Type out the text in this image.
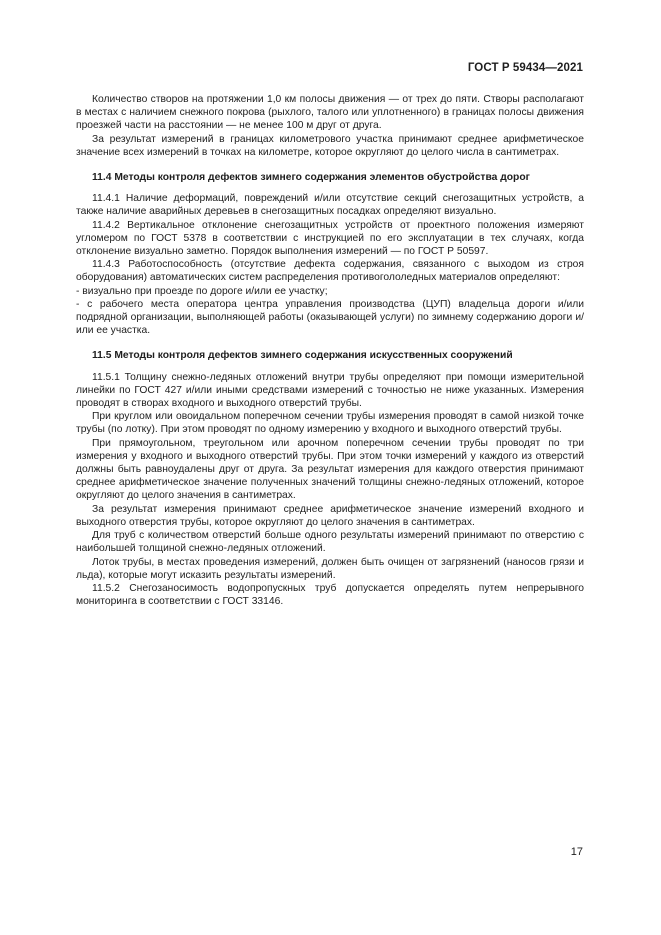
ГОСТ Р 59434—2021

Количество створов на протяжении 1,0 км полосы движения — от трех до пяти. Створы располагают в местах с наличием снежного покрова (рыхлого, талого или уплотненного) в границах полосы движения проезжей части на расстоянии — не менее 100 м друг от друга.

За результат измерений в границах километрового участка принимают среднее арифметическое значение всех измерений в точках на километре, которое округляют до целого числа в сантиметрах.

11.4 Методы контроля дефектов зимнего содержания элементов обустройства дорог

11.4.1 Наличие деформаций, повреждений и/или отсутствие секций снегозащитных устройств, а также наличие аварийных деревьев в снегозащитных посадках определяют визуально.

11.4.2 Вертикальное отклонение снегозащитных устройств от проектного положения измеряют угломером по ГОСТ 5378 в соответствии с инструкцией по его эксплуатации в тех случаях, когда отклонение визуально заметно. Порядок выполнения измерений — по ГОСТ Р 50597.

11.4.3 Работоспособность (отсутствие дефекта содержания, связанного с выходом из строя оборудования) автоматических систем распределения противогололедных материалов определяют:

- визуально при проезде по дороге и/или ее участку;

- с рабочего места оператора центра управления производства (ЦУП) владельца дороги и/или подрядной организации, выполняющей работы (оказывающей услуги) по зимнему содержанию дороги и/или ее участка.

11.5 Методы контроля дефектов зимнего содержания искусственных сооружений

11.5.1 Толщину снежно-ледяных отложений внутри трубы определяют при помощи измерительной линейки по ГОСТ 427 и/или иными средствами измерений с точностью не ниже указанных. Измерения проводят в створах входного и выходного отверстий трубы.

При круглом или овоидальном поперечном сечении трубы измерения проводят в самой низкой точке трубы (по лотку). При этом проводят по одному измерению у входного и выходного отверстий трубы.

При прямоугольном, треугольном или арочном поперечном сечении трубы проводят по три измерения у входного и выходного отверстий трубы. При этом точки измерений у каждого из отверстий должны быть равноудалены друг от друга. За результат измерения для каждого отверстия принимают среднее арифметическое значение полученных значений толщины снежно-ледяных отложений, которое округляют до целого значения в сантиметрах.

За результат измерения принимают среднее арифметическое значение измерений входного и выходного отверстия трубы, которое округляют до целого значения в сантиметрах.

Для труб с количеством отверстий больше одного результаты измерений принимают по отверстию с наибольшей толщиной снежно-ледяных отложений.

Лоток трубы, в местах проведения измерений, должен быть очищен от загрязнений (наносов грязи и льда), которые могут исказить результаты измерений.

11.5.2 Снегозаносимость водопропускных труб допускается определять путем непрерывного мониторинга в соответствии с ГОСТ 33146.

17
